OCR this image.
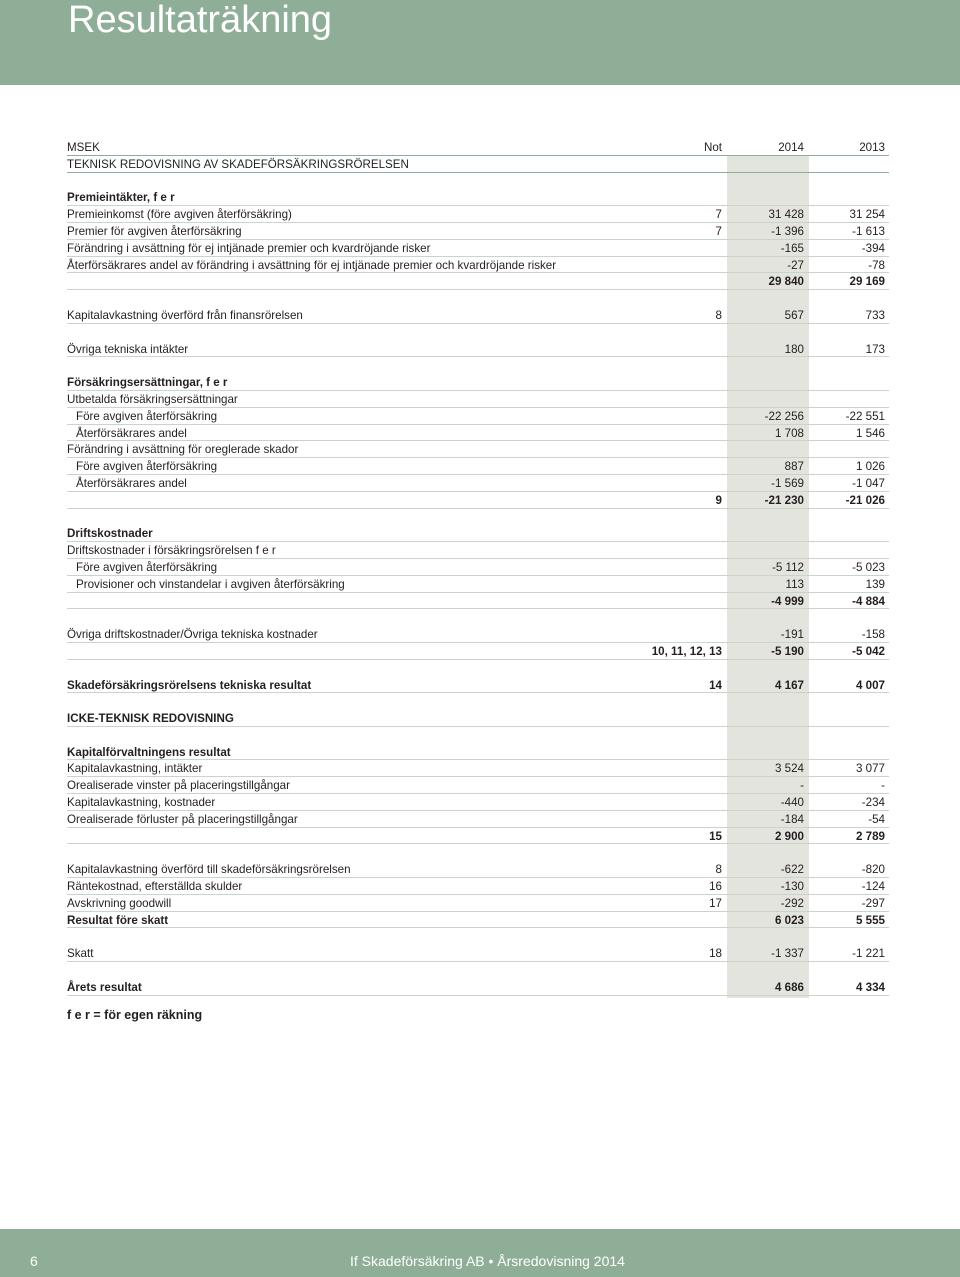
Resultaträkning
MSEK	Not	2014	2013
TEKNISK REDOVISNING AV SKADEFÖRSÄKRINGSRÖRELSEN
Premieintäkter, f e r
Premieinkomst (före avgiven återförsäkring)	7	31 428	31 254
Premier för avgiven återförsäkring	7	-1 396	-1 613
Förändring i avsättning för ej intjänade premier och kvardröjande risker	-165	-394
Återförsäkrares andel av förändring i avsättning för ej intjänade premier och kvardröjande risker	-27	-78
29 840	29 169
Kapitalavkastning överförd från finansrörelsen	8	567	733
Övriga tekniska intäkter	180	173
Försäkringsersättningar, f e r
Utbetalda försäkringsersättningar
Före avgiven återförsäkring	-22 256	-22 551
Återförsäkrares andel	1 708	1 546
Förändring i avsättning för oreglerade skador
Före avgiven återförsäkring	887	1 026
Återförsäkrares andel	-1 569	-1 047
9	-21 230	-21 026
Driftskostnader
Driftskostnader i försäkringsrörelsen f e r
Före avgiven återförsäkring	-5 112	-5 023
Provisioner och vinstandelar i avgiven återförsäkring	113	139
-4 999	-4 884
Övriga driftskostnader/Övriga tekniska kostnader	-191	-158
10, 11, 12, 13	-5 190	-5 042
Skadeförsäkringsrörelsens tekniska resultat	14	4 167	4 007
ICKE-TEKNISK REDOVISNING
Kapitalförvaltningens resultat
Kapitalavkastning, intäkter	3 524	3 077
Orealiserade vinster på placeringstillgångar	-	-
Kapitalavkastning, kostnader	-440	-234
Orealiserade förluster på placeringstillgångar	-184	-54
15	2 900	2 789
Kapitalavkastning överförd till skadeförsäkringsrörelsen	8	-622	-820
Räntekostnad, efterställda skulder	16	-130	-124
Avskrivning goodwill	17	-292	-297
Resultat före skatt	6 023	5 555
Skatt	18	-1 337	-1 221
Årets resultat	4 686	4 334
f e r = för egen räkning
6	If Skadeförsäkring AB • Årsredovisning 2014
